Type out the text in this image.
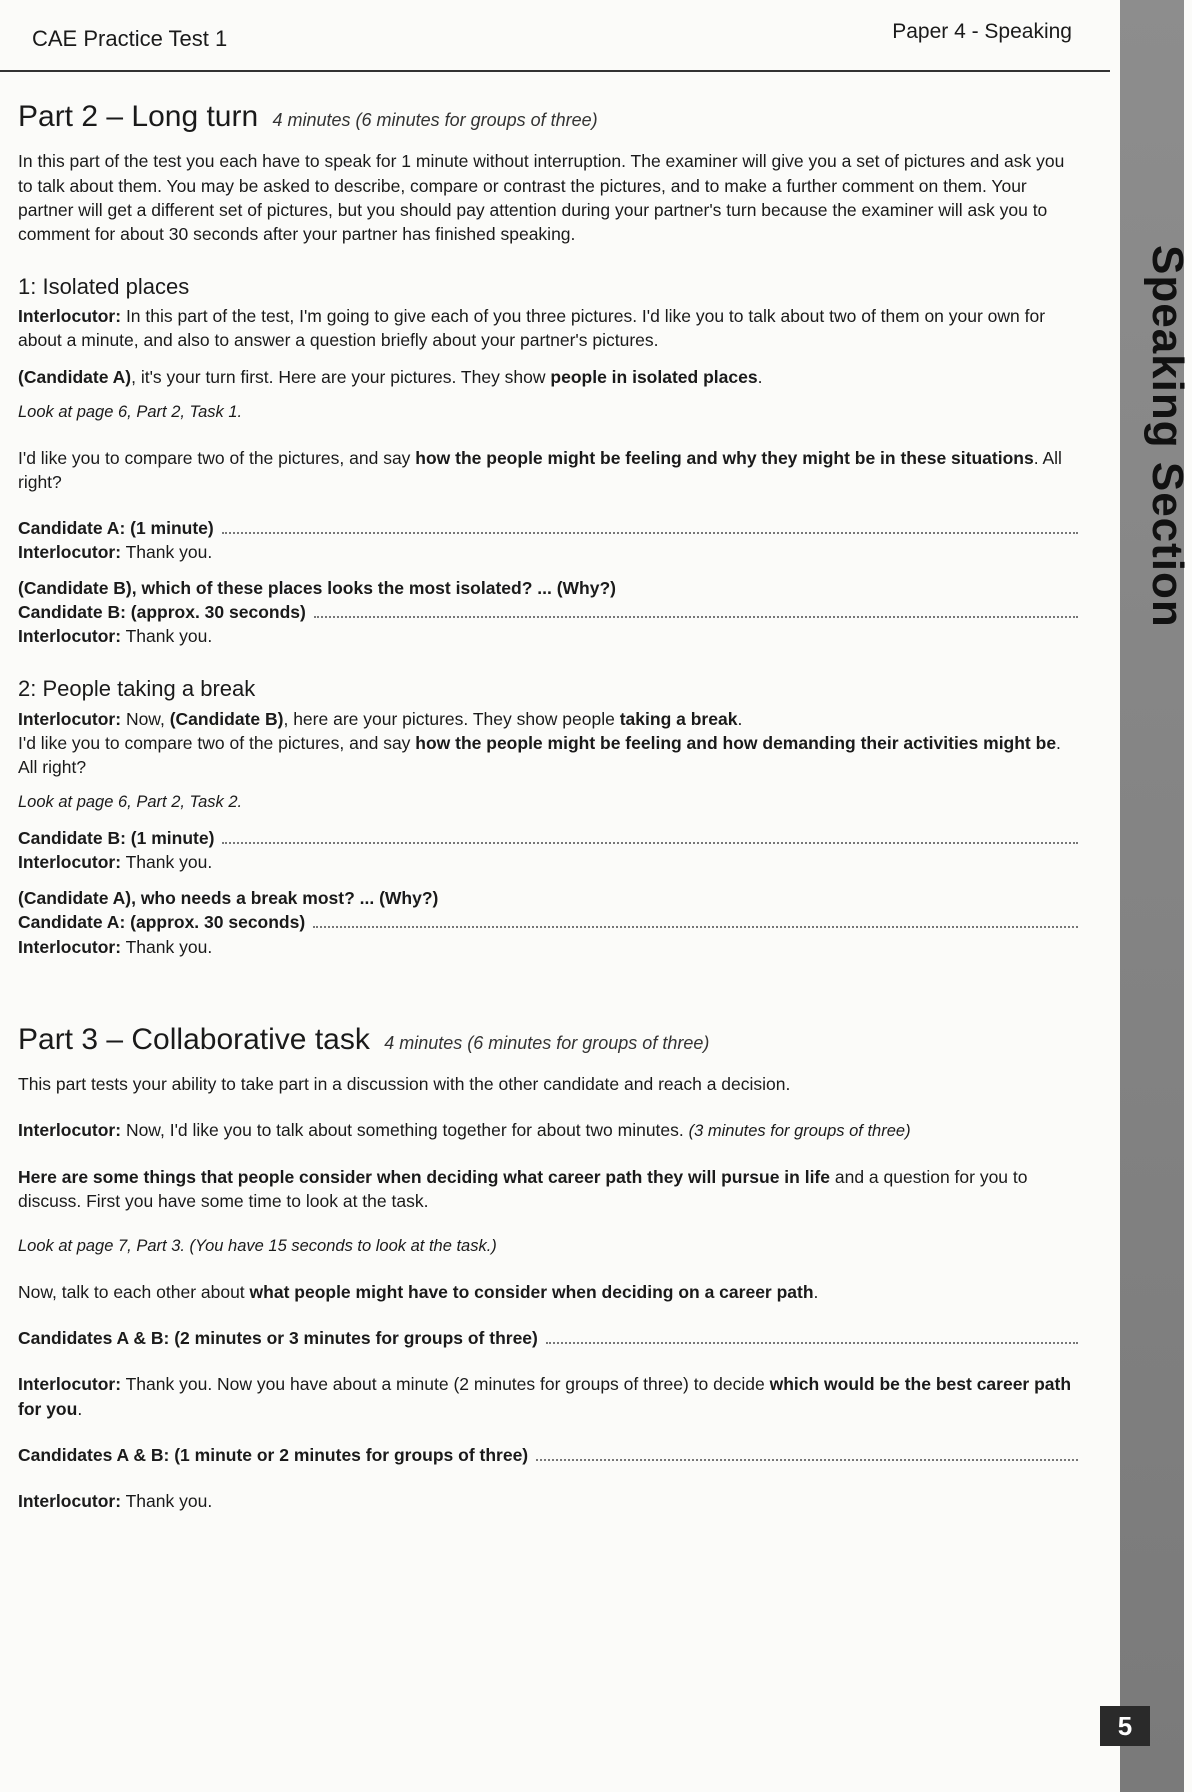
CAE Practice Test 1	Paper 4 - Speaking
Part 2 – Long turn 4 minutes (6 minutes for groups of three)

In this part of the test you each have to speak for 1 minute without interruption. The examiner will give you a set of pictures and ask you to talk about them. You may be asked to describe, compare or contrast the pictures, and to make a further comment on them. Your partner will get a different set of pictures, but you should pay attention during your partner's turn because the examiner will ask you to comment for about 30 seconds after your partner has finished speaking.

1: Isolated places

Interlocutor: In this part of the test, I'm going to give each of you three pictures. I'd like you to talk about two of them on your own for about a minute, and also to answer a question briefly about your partner's pictures.

(Candidate A), it's your turn first. Here are your pictures. They show people in isolated places.

Look at page 6, Part 2, Task 1.

I'd like you to compare two of the pictures, and say how the people might be feeling and why they might be in these situations. All right?

Candidate A: (1 minute)

Interlocutor: Thank you.

(Candidate B), which of these places looks the most isolated? ... (Why?)

Candidate B: (approx. 30 seconds)

Interlocutor: Thank you.

2: People taking a break

Interlocutor: Now, (Candidate B), here are your pictures. They show people taking a break.

I'd like you to compare two of the pictures, and say how the people might be feeling and how demanding their activities might be. All right?

Look at page 6, Part 2, Task 2.

Candidate B: (1 minute)

Interlocutor: Thank you.

(Candidate A), who needs a break most? ... (Why?)

Candidate A: (approx. 30 seconds)

Interlocutor: Thank you.

Part 3 – Collaborative task 4 minutes (6 minutes for groups of three)

This part tests your ability to take part in a discussion with the other candidate and reach a decision.

Interlocutor: Now, I'd like you to talk about something together for about two minutes. (3 minutes for groups of three)

Here are some things that people consider when deciding what career path they will pursue in life and a question for you to discuss. First you have some time to look at the task.

Look at page 7, Part 3. (You have 15 seconds to look at the task.)

Now, talk to each other about what people might have to consider when deciding on a career path.

Candidates A & B: (2 minutes or 3 minutes for groups of three)

Interlocutor: Thank you. Now you have about a minute (2 minutes for groups of three) to decide which would be the best career path for you.

Candidates A & B: (1 minute or 2 minutes for groups of three)

Interlocutor: Thank you.

Speaking Section
5
